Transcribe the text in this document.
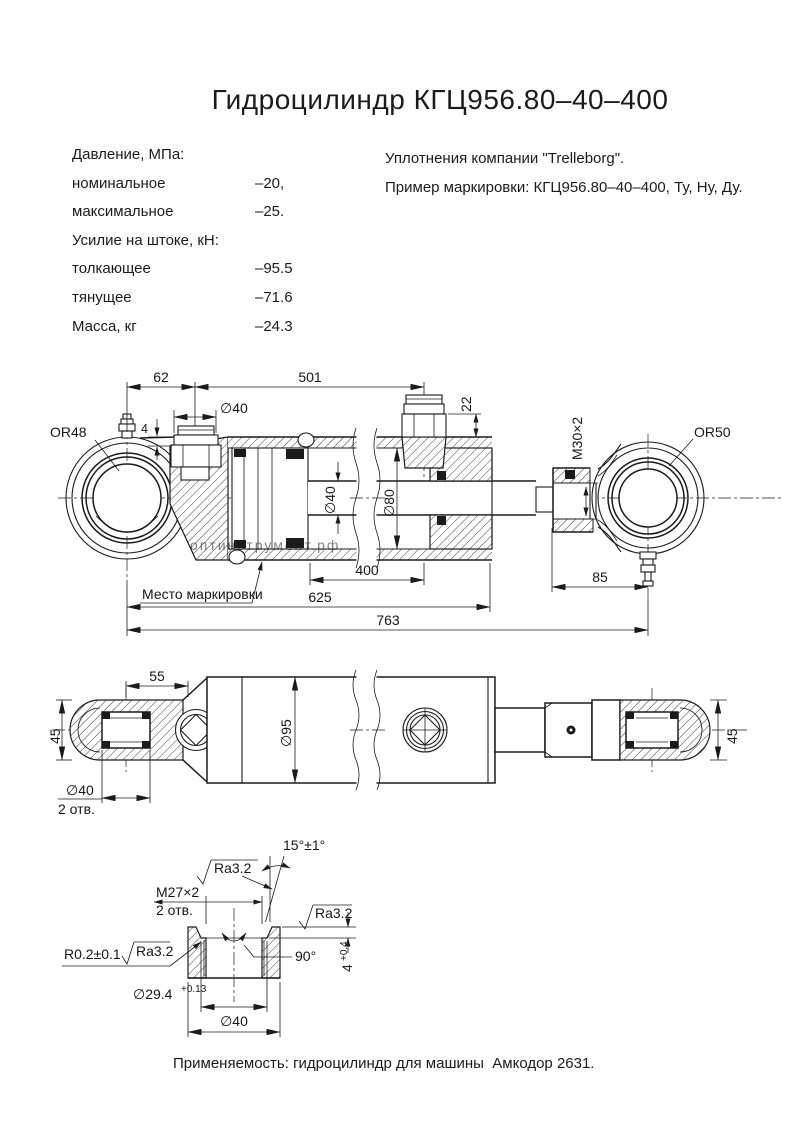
Гидроцилиндр КГЦ956.80–40–400
Давление, МПа:
номинальное	–20,
максимальное	–25.
Усилие на штоке, кН:
толкающее	–95.5
тянущее	–71.6
Масса, кг	–24.3
Уплотнения компании "Trelleborg".
Пример маркировки: КГЦ956.80–40–400, Ту, Ну, Ду.
62	501
∅40
4
22
OR48	OR50
M30×2
∅40	∅80
400
625
763
85
Место маркировки
оптинструмент.рф
45
55
∅95	45
∅40
2 отв.
90°
15°±1°
Ra3.2
M27×2
2 отв.
R0.2±0.1 Ra3.2
Ra3.2
4
+0.4
∅29.4 +0.13
∅40
Применяемость: гидроцилиндр для машины  Амкодор 2631.
